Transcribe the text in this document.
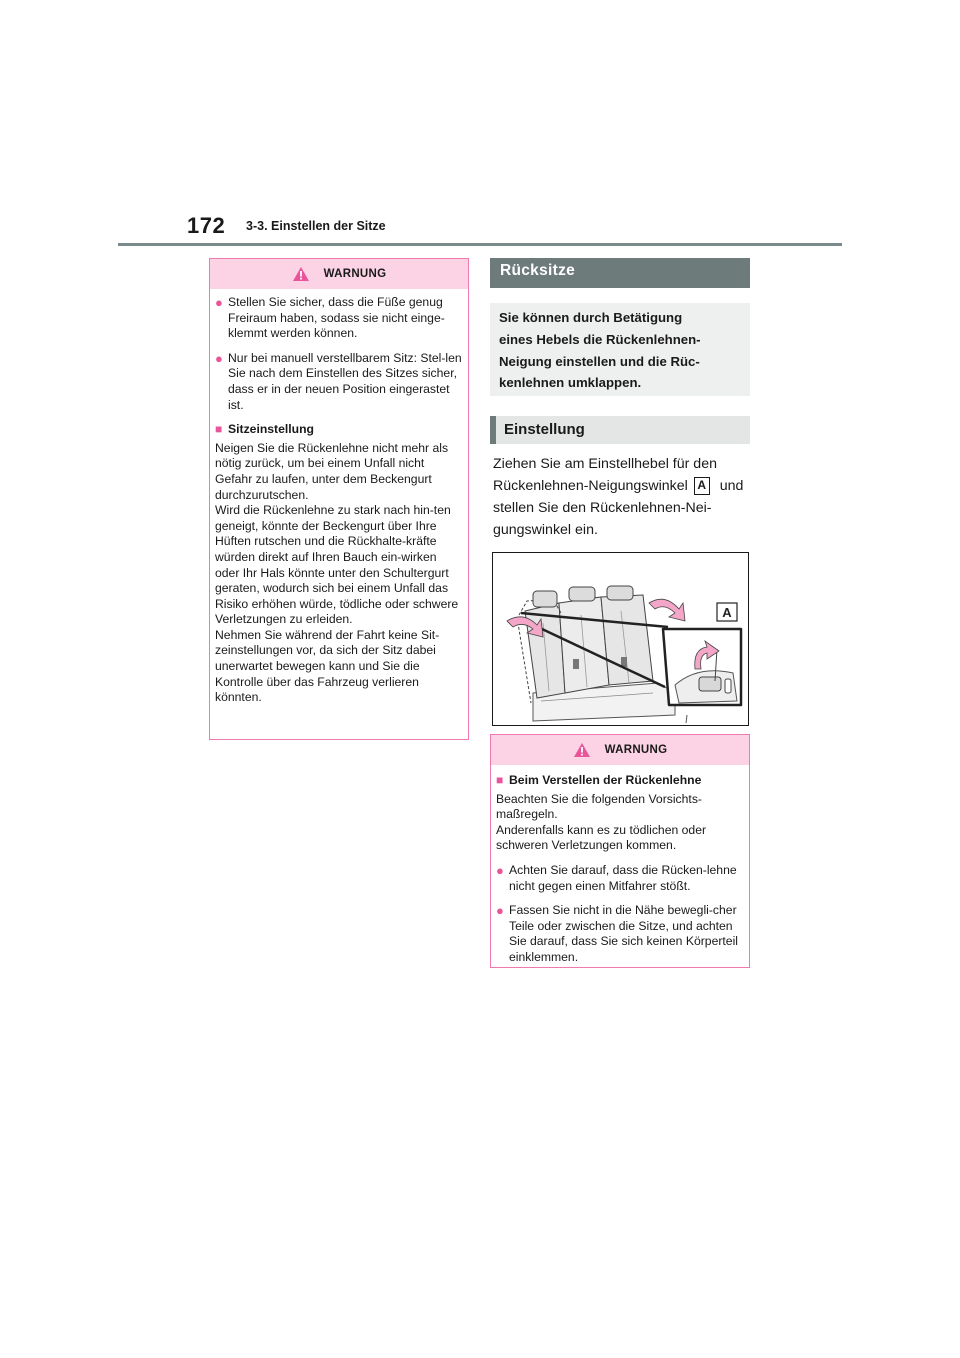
172 3-3. Einstellen der Sitze
WARNUNG
● Stellen Sie sicher, dass die Füße genug Freiraum haben, sodass sie nicht einge-klemmt werden können.
● Nur bei manuell verstellbarem Sitz: Stel-len Sie nach dem Einstellen des Sitzes sicher, dass er in der neuen Position eingerastet ist.
■ Sitzeinstellung
Neigen Sie die Rückenlehne nicht mehr als nötig zurück, um bei einem Unfall nicht Gefahr zu laufen, unter dem Beckengurt durchzurutschen.
Wird die Rückenlehne zu stark nach hin-ten geneigt, könnte der Beckengurt über Ihre Hüften rutschen und die Rückhalte-kräfte würden direkt auf Ihren Bauch ein-wirken oder Ihr Hals könnte unter den Schultergurt geraten, wodurch sich bei einem Unfall das Risiko erhöhen würde, tödliche oder schwere Verletzungen zu erleiden.
Nehmen Sie während der Fahrt keine Sit-zeinstellungen vor, da sich der Sitz dabei unerwartet bewegen kann und Sie die Kontrolle über das Fahrzeug verlieren könnten.
Rücksitze
Sie können durch Betätigung
eines Hebels die Rückenlehnen-
Neigung einstellen und die Rüc-
kenlehnen umklappen.
Einstellung
Ziehen Sie am Einstellhebel für den Rückenlehnen-Neigungswinkel A und stellen Sie den Rückenlehnen-Nei-gungswinkel ein.
A
WARNUNG
■ Beim Verstellen der Rückenlehne
Beachten Sie die folgenden Vorsichts-maßregeln.
Anderenfalls kann es zu tödlichen oder schweren Verletzungen kommen.
● Achten Sie darauf, dass die Rücken-lehne nicht gegen einen Mitfahrer stößt.
● Fassen Sie nicht in die Nähe bewegli-cher Teile oder zwischen die Sitze, und achten Sie darauf, dass Sie sich keinen Körperteil einklemmen.
